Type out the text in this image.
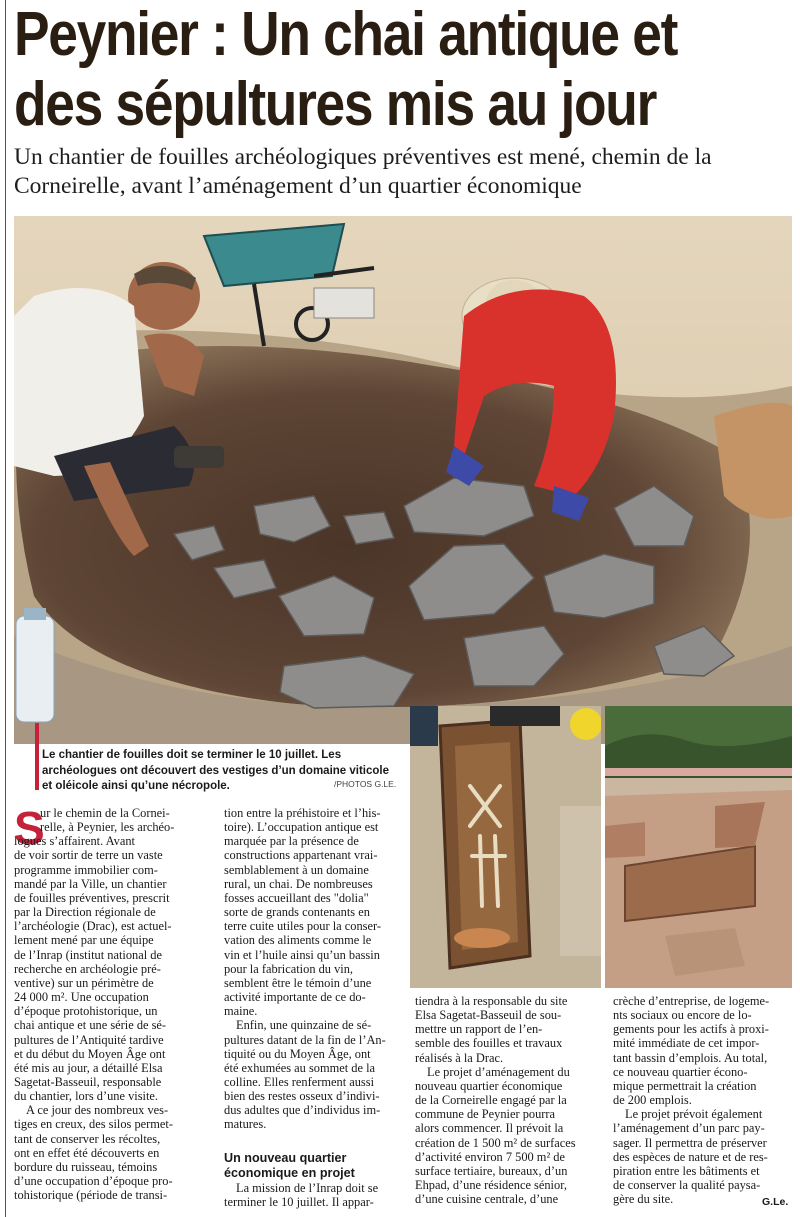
Peynier : Un chai antique et
des sépultures mis au jour

Un chantier de fouilles archéologiques préventives est mené, chemin de la
Corneirelle, avant l’aménagement d’un quartier économique

Le chantier de fouilles doit se terminer le 10 juillet. Les
archéologues ont découvert des vestiges d’un domaine viticole
et oléicole ainsi qu’une nécropole.	/PHOTOS G.LE.

S
ur le chemin de la Cornei-
relle, à Peynier, les archéo-
logues s’affairent. Avant
de voir sortir de terre un vaste
programme immobilier com-
mandé par la Ville, un chantier
de fouilles préventives, prescrit
par la Direction régionale de
l’archéologie (Drac), est actuel-
lement mené par une équipe
de l’Inrap (institut national de
recherche en archéologie pré-
ventive) sur un périmètre de
24 000 m². Une occupation
d’époque protohistorique, un
chai antique et une série de sé-
pultures de l’Antiquité tardive
et du début du Moyen Âge ont
été mis au jour, a détaillé Elsa
Sagetat-Basseuil, responsable
du chantier, lors d’une visite.
A ce jour des nombreux ves-
tiges en creux, des silos permet-
tant de conserver les récoltes,
ont en effet été découverts en
bordure du ruisseau, témoins
d’une occupation d’époque pro-
tohistorique (période de transi-
tion entre la préhistoire et l’his-
toire). L’occupation antique est
marquée par la présence de
constructions appartenant vrai-
semblablement à un domaine
rural, un chai. De nombreuses
fosses accueillant des "dolia"
sorte de grands contenants en
terre cuite utiles pour la conser-
vation des aliments comme le
vin et l’huile ainsi qu’un bassin
pour la fabrication du vin,
semblent être le témoin d’une
activité importante de ce do-
maine.
Enfin, une quinzaine de sé-
pultures datant de la fin de l’An-
tiquité ou du Moyen Âge, ont
été exhumées au sommet de la
colline. Elles renferment aussi
bien des restes osseux d’indivi-
dus adultes que d’individus im-
matures.
Un nouveau quartier
économique en projet
La mission de l’Inrap doit se
terminer le 10 juillet. Il appar-
tiendra à la responsable du site
Elsa Sagetat-Basseuil de sou-
mettre un rapport de l’en-
semble des fouilles et travaux
réalisés à la Drac.
Le projet d’aménagement du
nouveau quartier économique
de la Corneirelle engagé par la
commune de Peynier pourra
alors commencer. Il prévoit la
création de 1 500 m² de surfaces
d’activité environ 7 500 m² de
surface tertiaire, bureaux, d’un
Ehpad, d’une résidence sénior,
d’une cuisine centrale, d’une
crèche d’entreprise, de logeme-
nts sociaux ou encore de lo-
gements pour les actifs à proxi-
mité immédiate de cet impor-
tant bassin d’emplois. Au total,
ce nouveau quartier écono-
mique permettrait la création
de 200 emplois.
Le projet prévoit également
l’aménagement d’un parc pay-
sager. Il permettra de préserver
des espèces de nature et de res-
piration entre les bâtiments et
de conserver la qualité paysa-
gère du site.	G.Le.
